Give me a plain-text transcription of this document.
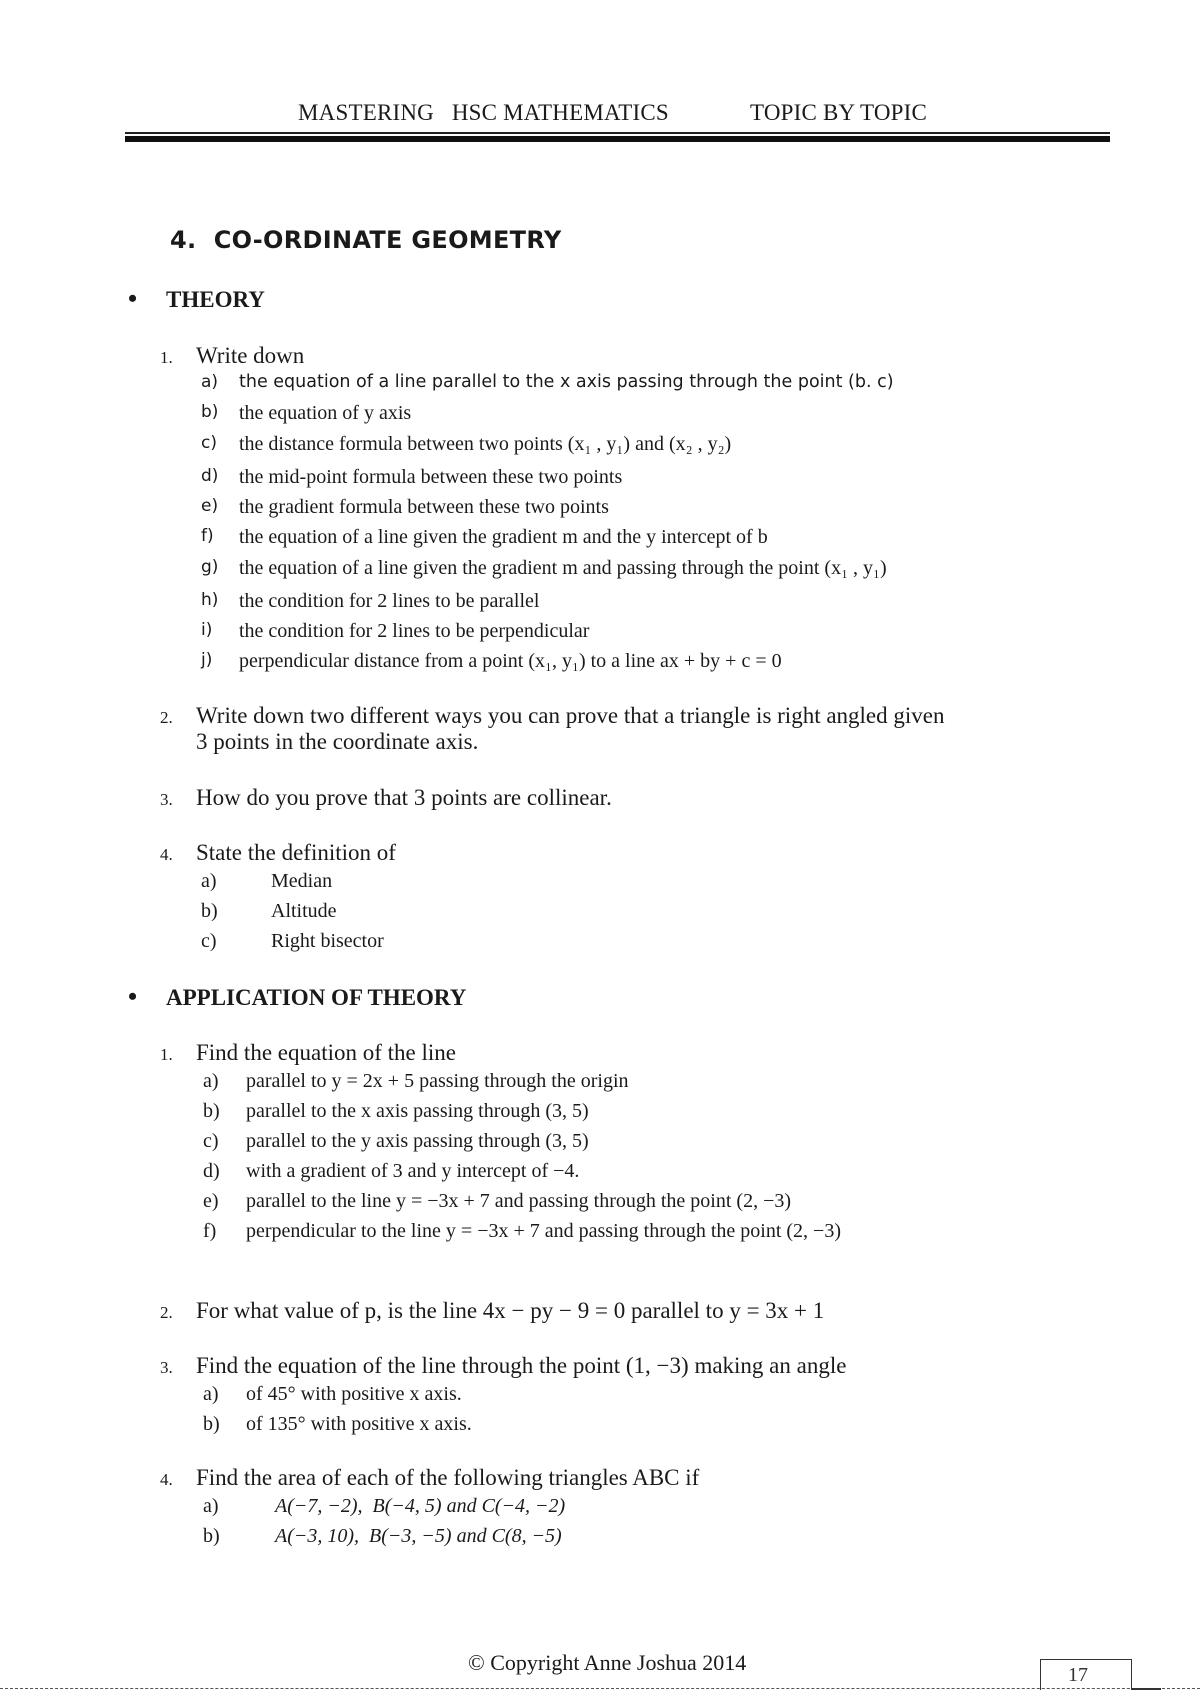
MASTERING   HSC MATHEMATICS	TOPIC BY TOPIC
4.  CO-ORDINATE GEOMETRY
• THEORY
1. Write down
a) the equation of a line parallel to the x axis passing through the point (b. c)
b) the equation of y axis
c) the distance formula between two points (x₁ , y₁) and (x₂ , y₂)
d) the mid-point formula between these two points
e) the gradient formula between these two points
f) the equation of a line given the gradient m and the y intercept of b
g) the equation of a line given the gradient m and passing through the point (x₁ , y₁)
h) the condition for 2 lines to be parallel
i) the condition for 2 lines to be perpendicular
j) perpendicular distance from a point (x₁, y₁) to a line ax + by + c = 0
2. Write down two different ways you can prove that a triangle is right angled given
3 points in the coordinate axis.
3. How do you prove that 3 points are collinear.
4. State the definition of
a)	Median
b)	Altitude
c)	Right bisector
• APPLICATION OF THEORY
1. Find the equation of the line
a) parallel to y = 2x + 5 passing through the origin
b) parallel to the x axis passing through (3, 5)
c) parallel to the y axis passing through (3, 5)
d) with a gradient of 3 and y intercept of −4.
e) parallel to the line y = −3x + 7 and passing through the point (2, −3)
f) perpendicular to the line y = −3x + 7 and passing through the point (2, −3)
2. For what value of p, is the line 4x − py − 9 = 0 parallel to y = 3x + 1
3. Find the equation of the line through the point (1, −3) making an angle
a) of 45° with positive x axis.
b) of 135° with positive x axis.
4. Find the area of each of the following triangles ABC if
a)	A(−7, −2),  B(−4, 5) and C(−4, −2)
b)	A(−3, 10),  B(−3, −5) and C(8, −5)
© Copyright Anne Joshua 2014	17
